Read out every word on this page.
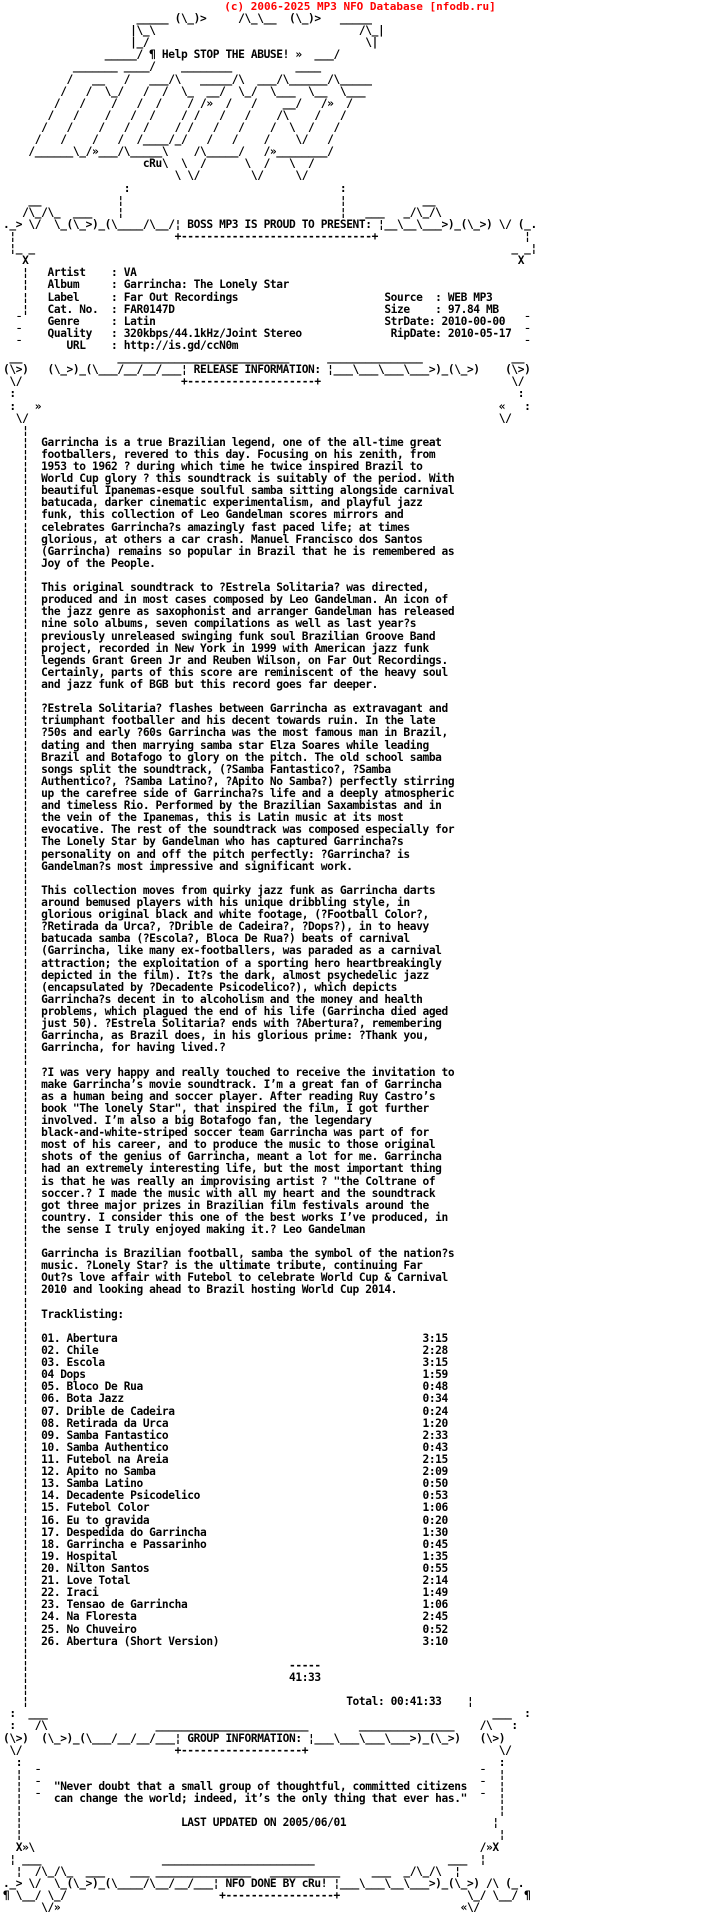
(c) 2006-2025 MP3 NFO Database [nfodb.ru]
_____ (\_)>     /\_\__  (\_)>   _____
|\_\                                /\_|
|_/                                  \|
_____/ ¶ Help STOP THE ABUSE! »  ___/
_______ ____/    ________          ____
/   __   /   ___/\   _____/\  ___/\______/\_____
/   /  \_/   /  /  \_  __/  \_/  \___  \__  \___
/   /    /   /  /    / /»  /   /    __/   /»  /
/   /    /   /  /    / /   /   /    /\    /   /
/   /    /   /  /    / /   /   /    /  \  /   /
/   /    /   /  /____/_/   /   /    /    \/   /
/______\_/»___/\_____\    /\_____/   /»________/
cRu\  \  /      \  /   \  /
\ \/        \/     \/
:                                 :
__            ¦                                  ¦            __
/\_/\_  ___    ¦                                  ¦   ___   _/\_/\
._> \/  \_(\_>)_(\____/\__/¦ BOSS MP3 IS PROUD TO PRESENT: ¦__\__\___>)_(\_>) \/ (_.
¦                         +------------------------------+                       ¦
¦_ _                                                                           _ _¦
X                                                                             X
¦   Artist    : VA
¦   Album     : Garrincha: The Lonely Star
¦   Label     : Far Out Recordings                       Source  : WEB MP3
¦   Cat. No.  : FAR0147D                                 Size    : 97.84 MB
¯    Genre     : Latin                                    StrDate: 2010-00-00   ¯
¯    Quality   : 320kbps/44.1kHz/Joint Stereo              RipDate: 2010-05-17  ¯
¯       URL    : http://is.gd/ccN0m                                             ¯
__               ___________________________      _______________              __
(\>)   (\_>)_(\___/__/__/___¦ RELEASE INFORMATION: ¦___\___\___\___>)_(\_>)    (\>)
\/                         +--------------------+                              \/
:                                                                               :
:   »                                                                        «   :
\/                                                                          \/
¦
¦  Garrincha is a true Brazilian legend, one of the all-time great
¦  footballers, revered to this day. Focusing on his zenith, from
¦  1953 to 1962 ? during which time he twice inspired Brazil to
¦  World Cup glory ? this soundtrack is suitably of the period. With
¦  beautiful Ipanemas-esque soulful samba sitting alongside carnival
¦  batucada, darker cinematic experimentalism, and playful jazz
¦  funk, this collection of Leo Gandelman scores mirrors and
¦  celebrates Garrincha?s amazingly fast paced life; at times
¦  glorious, at others a car crash. Manuel Francisco dos Santos
¦  (Garrincha) remains so popular in Brazil that he is remembered as
¦  Joy of the People.
¦
¦  This original soundtrack to ?Estrela Solitaria? was directed,
¦  produced and in most cases composed by Leo Gandelman. An icon of
¦  the jazz genre as saxophonist and arranger Gandelman has released
¦  nine solo albums, seven compilations as well as last year?s
¦  previously unreleased swinging funk soul Brazilian Groove Band
¦  project, recorded in New York in 1999 with American jazz funk
¦  legends Grant Green Jr and Reuben Wilson, on Far Out Recordings.
¦  Certainly, parts of this score are reminiscent of the heavy soul
¦  and jazz funk of BGB but this record goes far deeper.
¦
¦  ?Estrela Solitaria? flashes between Garrincha as extravagant and
¦  triumphant footballer and his decent towards ruin. In the late
¦  ?50s and early ?60s Garrincha was the most famous man in Brazil,
¦  dating and then marrying samba star Elza Soares while leading
¦  Brazil and Botafogo to glory on the pitch. The old school samba
¦  songs split the soundtrack, (?Samba Fantastico?, ?Samba
¦  Authentico?, ?Samba Latino?, ?Apito No Samba?) perfectly stirring
¦  up the carefree side of Garrincha?s life and a deeply atmospheric
¦  and timeless Rio. Performed by the Brazilian Saxambistas and in
¦  the vein of the Ipanemas, this is Latin music at its most
¦  evocative. The rest of the soundtrack was composed especially for
¦  The Lonely Star by Gandelman who has captured Garrincha?s
¦  personality on and off the pitch perfectly: ?Garrincha? is
¦  Gandelman?s most impressive and significant work.
¦
¦  This collection moves from quirky jazz funk as Garrincha darts
¦  around bemused players with his unique dribbling style, in
¦  glorious original black and white footage, (?Football Color?,
¦  ?Retirada da Urca?, ?Drible de Cadeira?, ?Dops?), in to heavy
¦  batucada samba (?Escola?, Bloca De Rua?) beats of carnival
¦  (Garrincha, like many ex-footballers, was paraded as a carnival
¦  attraction; the exploitation of a sporting hero heartbreakingly
¦  depicted in the film). It?s the dark, almost psychedelic jazz
¦  (encapsulated by ?Decadente Psicodelico?), which depicts
¦  Garrincha?s decent in to alcoholism and the money and health
¦  problems, which plagued the end of his life (Garrincha died aged
¦  just 50). ?Estrela Solitaria? ends with ?Abertura?, remembering
¦  Garrincha, as Brazil does, in his glorious prime: ?Thank you,
¦  Garrincha, for having lived.?
¦
¦  ?I was very happy and really touched to receive the invitation to
¦  make Garrincha’s movie soundtrack. I’m a great fan of Garrincha
¦  as a human being and soccer player. After reading Ruy Castro’s
¦  book "The lonely Star", that inspired the film, I got further
¦  involved. I’m also a big Botafogo fan, the legendary
¦  black-and-white-striped soccer team Garrincha was part of for
¦  most of his career, and to produce the music to those original
¦  shots of the genius of Garrincha, meant a lot for me. Garrincha
¦  had an extremely interesting life, but the most important thing
¦  is that he was really an improvising artist ? "the Coltrane of
¦  soccer.? I made the music with all my heart and the soundtrack
¦  got three major prizes in Brazilian film festivals around the
¦  country. I consider this one of the best works I’ve produced, in
¦  the sense I truly enjoyed making it.? Leo Gandelman
¦
¦  Garrincha is Brazilian football, samba the symbol of the nation?s
¦  music. ?Lonely Star? is the ultimate tribute, continuing Far
¦  Out?s love affair with Futebol to celebrate World Cup & Carnival
¦  2010 and looking ahead to Brazil hosting World Cup 2014.
¦
¦  Tracklisting:
¦
¦  01. Abertura                                                3:15
¦  02. Chile                                                   2:28
¦  03. Escola                                                  3:15
¦  04 Dops                                                     1:59
¦  05. Bloco De Rua                                            0:48
¦  06. Bota Jazz                                               0:34
¦  07. Drible de Cadeira                                       0:24
¦  08. Retirada da Urca                                        1:20
¦  09. Samba Fantastico                                        2:33
¦  10. Samba Authentico                                        0:43
¦  11. Futebol na Areia                                        2:15
¦  12. Apito no Samba                                          2:09
¦  13. Samba Latino                                            0:50
¦  14. Decadente Psicodelico                                   0:53
¦  15. Futebol Color                                           1:06
¦  16. Eu to gravida                                           0:20
¦  17. Despedida do Garrincha                                  1:30
¦  18. Garrincha e Passarinho                                  0:45
¦  19. Hospital                                                1:35
¦  20. Nilton Santos                                           0:55
¦  21. Love Total                                              2:14
¦  22. Iraci                                                   1:49
¦  23. Tensao de Garrincha                                     1:06
¦  24. Na Floresta                                             2:45
¦  25. No Chuveiro                                             0:52
¦  26. Abertura (Short Version)                                3:10
¦
¦                                         -----
¦                                         41:33
¦
¦                                                  Total: 00:41:33    ¦
:  ___                                                                      ___  :
:   /\                 ________________________        _______________    /\   :
(\>)  (\_>)_(\___/__/__/___¦ GROUP INFORMATION: ¦___\___\___\___>)_(\_>)   (\>)
\/                        +-------------------+                              \/
:                                                                           :
¦  ¯                                                                     ¯  ¦
¦  ¯  "Never doubt that a small group of thoughtful, committed citizens  ¯  ¦
¦  ¯  can change the world; indeed, it’s the only thing that ever has."  ¯  ¦
¦                                                                           ¦
¦                         LAST UPDATED ON 2005/06/01                       ¦
¦                                                                           ¦
X»\                                                                      /»X
¦ ___                   ________________________                     ___  ¦
¦  /\_/\_  ___    ___ _______________   ___________     ___  _/\_/\  ¦
._> \/  \_(\_>)_(\____/\__/__/___¦ NFO DONE BY cRu! ¦___\___\__\___>)_(\_>) /\ (_.
¶ \__/ \_/                        +-----------------+                    \_/ \__/ ¶
\/»                                                               «\/
